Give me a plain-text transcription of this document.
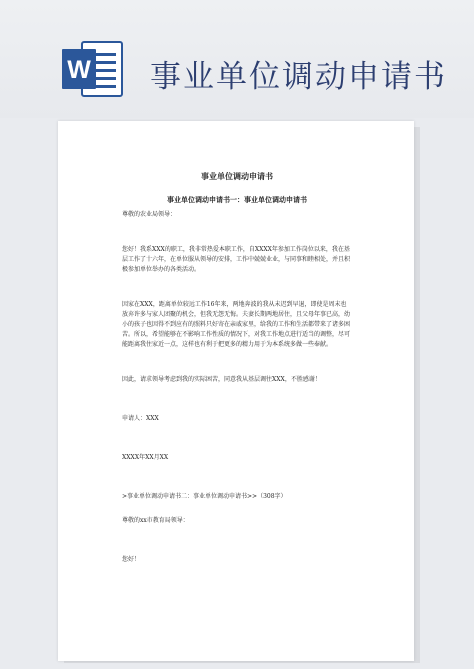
W 事业单位调动申请书
事业单位调动申请书
事业单位调动申请书一：事业单位调动申请书
尊敬的农业局领导：
您好！我系XXX的职工，我非常热爱本职工作，自XXXX年参加工作岗位以来，我在基层工作了十六年，在单位服从领导的安排，工作中兢兢业业，与同事和睦相处，并且积极参加单位举办的各类活动。
因家在XXX，距离单位较远工作16年来，两地奔波的我从未迟到早退，即使是周末也放弃许多与家人团聚的机会，但我无怨无悔。夫妻长期两地居住，且父母年事已高，幼小的孩子也因得不到应有的照料只好寄在亲戚家里，给我的工作和生活都带来了诸多困苦。所以，希望能够在不影响工作性质的情况下，对我工作地点进行适当的调整，尽可能距离我住家近一点，这样也有利于把更多的精力用于为本系统多做一些奉献。
因此，请求领导考虑到我的实际困苦，同意我从基层调往XXX，不胜感谢！
申请人：XXX
XXXX年XX月XX
>事业单位调动申请书二：事业单位调动申请书>>（308字）
尊敬的xx市教育局领导：
您好！
